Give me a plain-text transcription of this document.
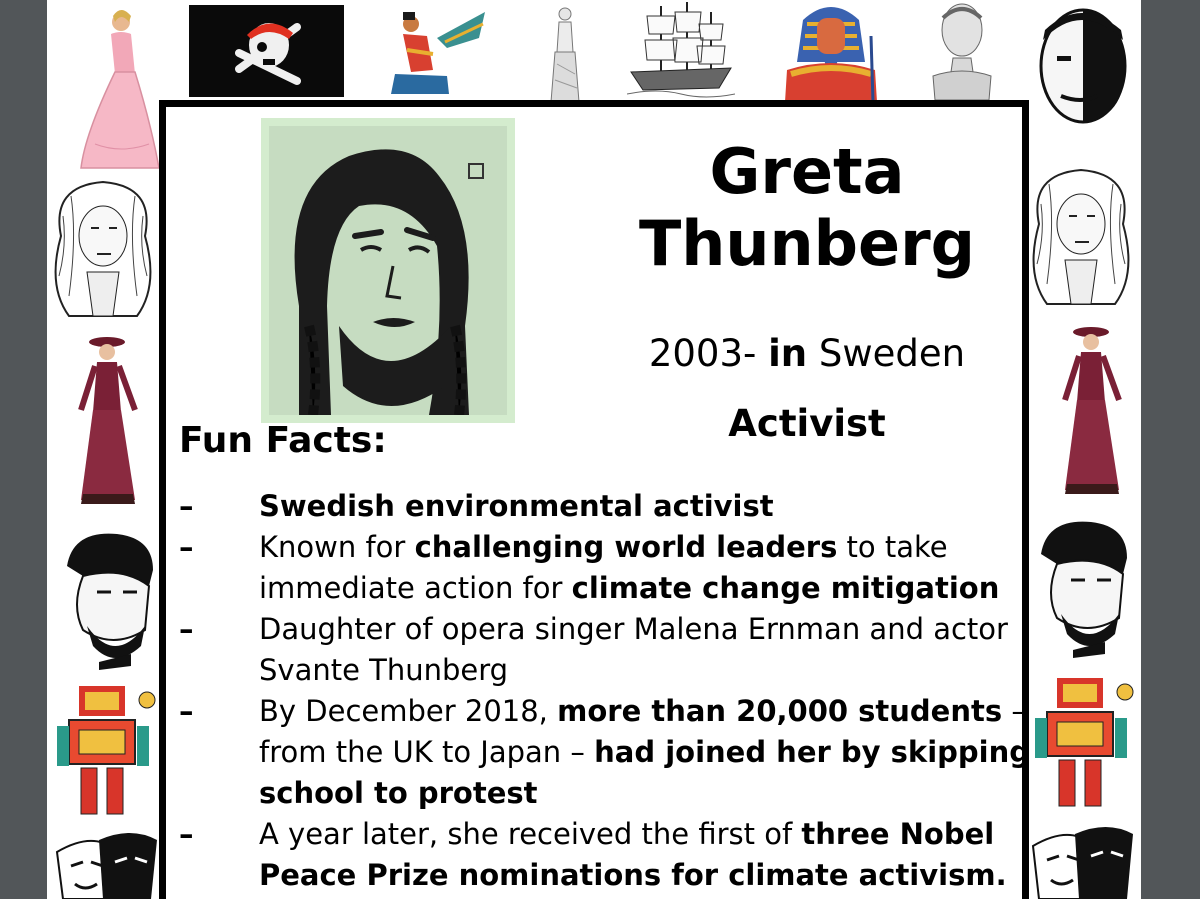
Greta
Thunberg
2003- in Sweden
Activist
Fun Facts:
– Swedish environmental activist
– Known for challenging world leaders to take immediate action for climate change mitigation
– Daughter of opera singer Malena Ernman and actor Svante Thunberg
– By December 2018, more than 20,000 students – from the UK to Japan – had joined her by skipping school to protest
– A year later, she received the first of three Nobel Peace Prize nominations for climate activism.
